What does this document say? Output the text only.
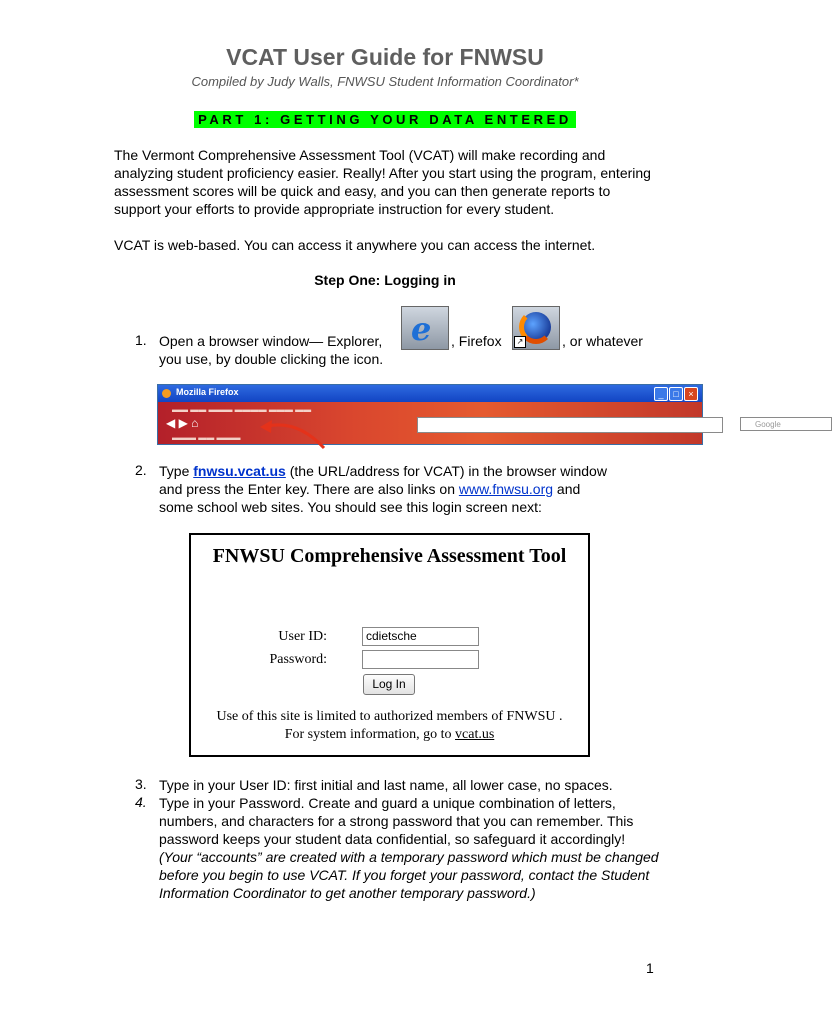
VCAT User Guide for FNWSU
Compiled by Judy Walls, FNWSU Student Information Coordinator*
PART 1: GETTING YOUR DATA ENTERED
The Vermont Comprehensive Assessment Tool (VCAT) will make recording and analyzing student proficiency easier. Really! After you start using the program, entering assessment scores will be quick and easy, and you can then generate reports to support your efforts to provide appropriate instruction for every student.
VCAT is web-based. You can access it anywhere you can access the internet.
Step One: Logging in
1. Open a browser window— Explorer, e , Firefox	↗	, or whatever
you use, by double clicking the icon.
Mozilla Firefox	_	□	×
▬▬ ▬▬ ▬▬▬ ▬▬▬▬ ▬▬▬ ▬▬
◀ ▶ ⌂	→	Google
▬▬▬ ▬▬ ▬▬▬
2. Type fnwsu.vcat.us (the URL/address for VCAT) in the browser window
and press the Enter key. There are also links on www.fnwsu.org and
some school web sites. You should see this login screen next:
FNWSU Comprehensive Assessment Tool
User ID:	cdietsche
Password:
Log In
Use of this site is limited to authorized members of FNWSU .
For system information, go to vcat.us
3. Type in your User ID: first initial and last name, all lower case, no spaces.
4. Type in your Password. Create and guard a unique combination of letters, numbers, and characters for a strong password that you can remember. This password keeps your student data confidential, so safeguard it accordingly! (Your “accounts” are created with a temporary password which must be changed before you begin to use VCAT. If you forget your password, contact the Student Information Coordinator to get another temporary password.)
1
